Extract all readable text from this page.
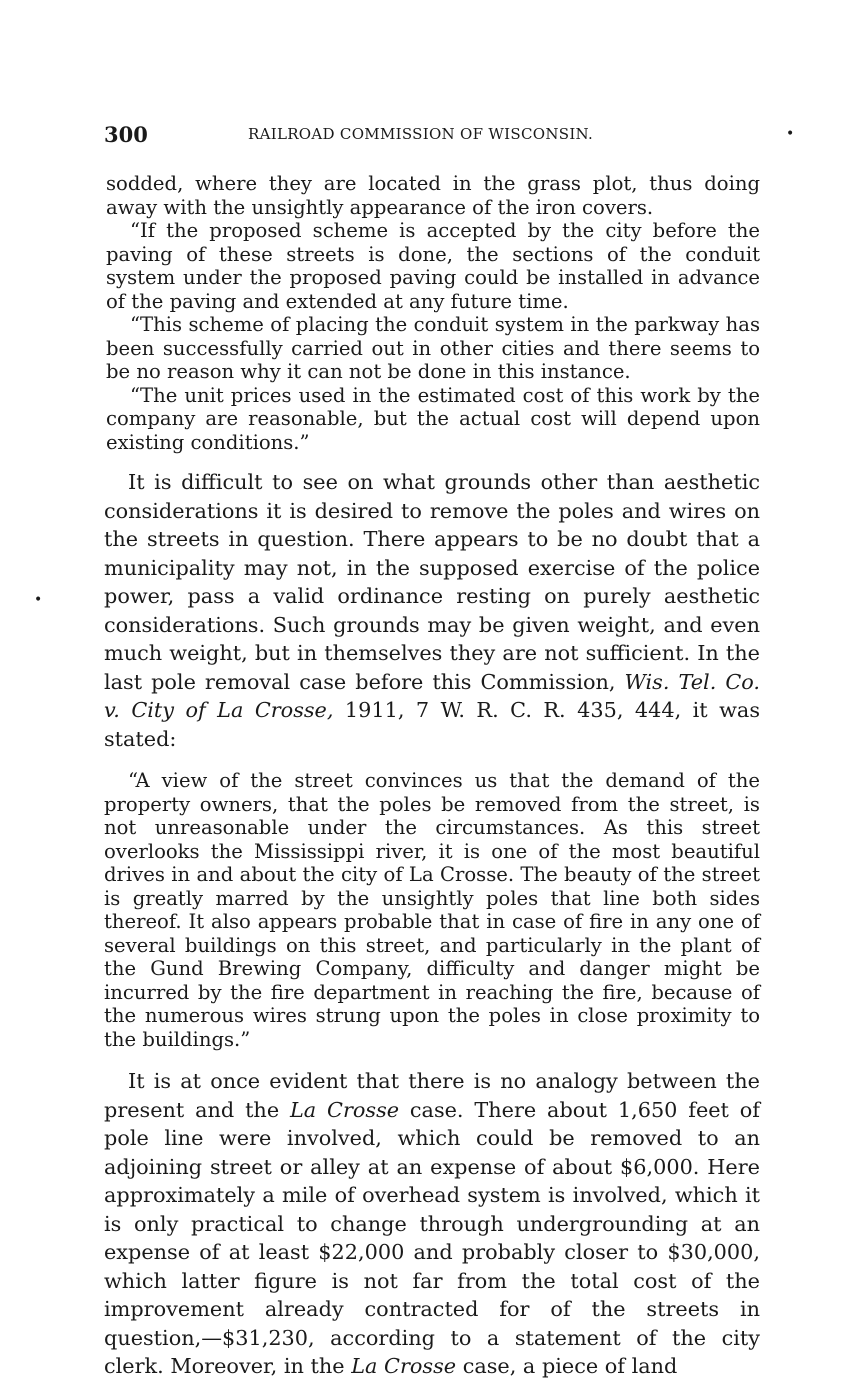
300	RAILROAD COMMISSION OF WISCONSIN.	•
•

sodded, where they are located in the grass plot, thus doing away with the unsightly appearance of the iron covers.

“If the proposed scheme is accepted by the city before the paving of these streets is done, the sections of the conduit system under the proposed paving could be installed in advance of the paving and extended at any future time.

“This scheme of placing the conduit system in the parkway has been successfully carried out in other cities and there seems to be no reason why it can not be done in this instance.

“The unit prices used in the estimated cost of this work by the company are reasonable, but the actual cost will depend upon existing conditions.”

It is difficult to see on what grounds other than aesthetic considerations it is desired to remove the poles and wires on the streets in question. There appears to be no doubt that a municipality may not, in the supposed exercise of the police power, pass a valid ordinance resting on purely aesthetic considerations. Such grounds may be given weight, and even much weight, but in themselves they are not sufficient. In the last pole removal case before this Commission, Wis. Tel. Co. v. City of La Crosse, 1911, 7 W. R. C. R. 435, 444, it was stated:

“A view of the street convinces us that the demand of the property owners, that the poles be removed from the street, is not unreasonable under the circumstances. As this street overlooks the Mississippi river, it is one of the most beautiful drives in and about the city of La Crosse. The beauty of the street is greatly marred by the unsightly poles that line both sides thereof. It also appears probable that in case of fire in any one of several buildings on this street, and particularly in the plant of the Gund Brewing Company, difficulty and danger might be incurred by the fire department in reaching the fire, because of the numerous wires strung upon the poles in close proximity to the buildings.”

It is at once evident that there is no analogy between the present and the La Crosse case. There about 1,650 feet of pole line were involved, which could be removed to an adjoining street or alley at an expense of about $6,000. Here approximately a mile of overhead system is involved, which it is only practical to change through undergrounding at an expense of at least $22,000 and probably closer to $30,000, which latter figure is not far from the total cost of the improvement already contracted for of the streets in question,—$31,230, according to a statement of the city clerk. Moreover, in the La Crosse case, a piece of land
